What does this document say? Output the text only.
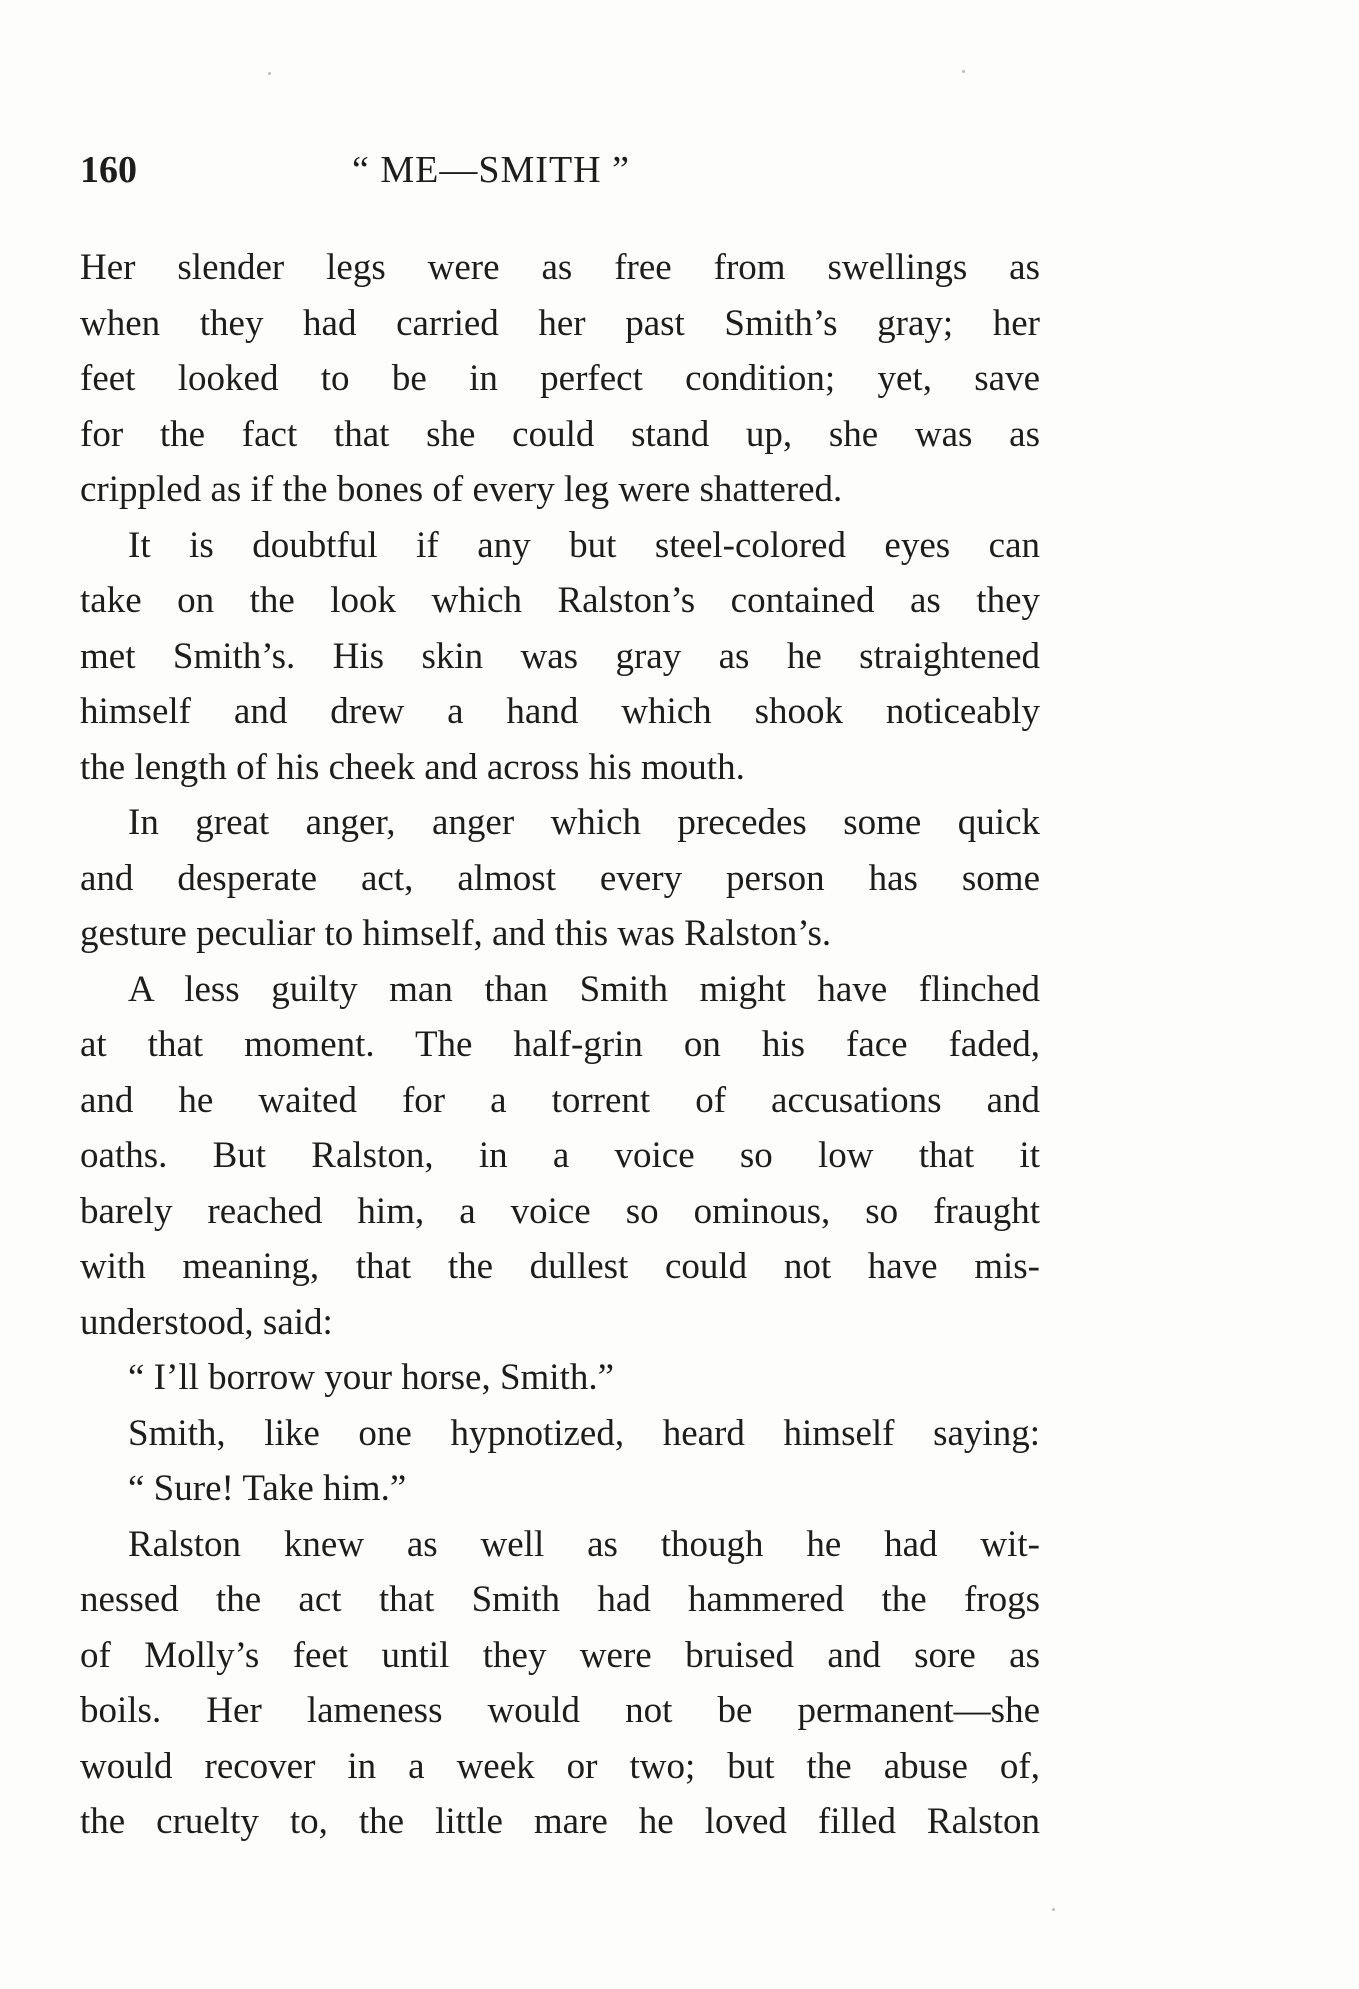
160	“ ME—SMITH ”
Her slender legs were as free from swellings as
when they had carried her past Smith’s gray; her
feet looked to be in perfect condition; yet, save
for the fact that she could stand up, she was as
crippled as if the bones of every leg were shattered.
It is doubtful if any but steel-colored eyes can
take on the look which Ralston’s contained as they
met Smith’s. His skin was gray as he straightened
himself and drew a hand which shook noticeably
the length of his cheek and across his mouth.
In great anger, anger which precedes some quick
and desperate act, almost every person has some
gesture peculiar to himself, and this was Ralston’s.
A less guilty man than Smith might have flinched
at that moment. The half-grin on his face faded,
and he waited for a torrent of accusations and
oaths. But Ralston, in a voice so low that it
barely reached him, a voice so ominous, so fraught
with meaning, that the dullest could not have mis-
understood, said:
“ I’ll borrow your horse, Smith.”
Smith, like one hypnotized, heard himself saying:
“ Sure! Take him.”
Ralston knew as well as though he had wit-
nessed the act that Smith had hammered the frogs
of Molly’s feet until they were bruised and sore as
boils. Her lameness would not be permanent—she
would recover in a week or two; but the abuse of,
the cruelty to, the little mare he loved filled Ralston
